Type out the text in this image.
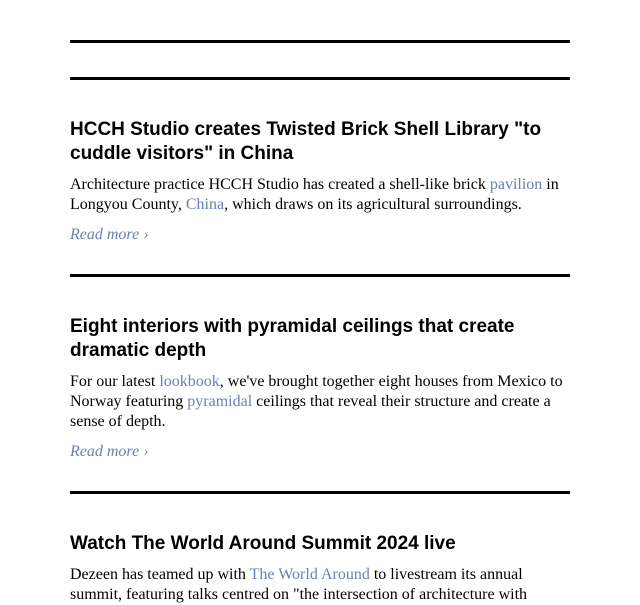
HCCH Studio creates Twisted Brick Shell Library "to cuddle visitors" in China

Architecture practice HCCH Studio has created a shell-like brick pavilion in Longyou County, China, which draws on its agricultural surroundings.

Read more ›
Eight interiors with pyramidal ceilings that create dramatic depth

For our latest lookbook, we've brought together eight houses from Mexico to Norway featuring pyramidal ceilings that reveal their structure and create a sense of depth.

Read more ›
Watch The World Around Summit 2024 live

Dezeen has teamed up with The World Around to livestream its annual summit, featuring talks centred on "the intersection of architecture with
